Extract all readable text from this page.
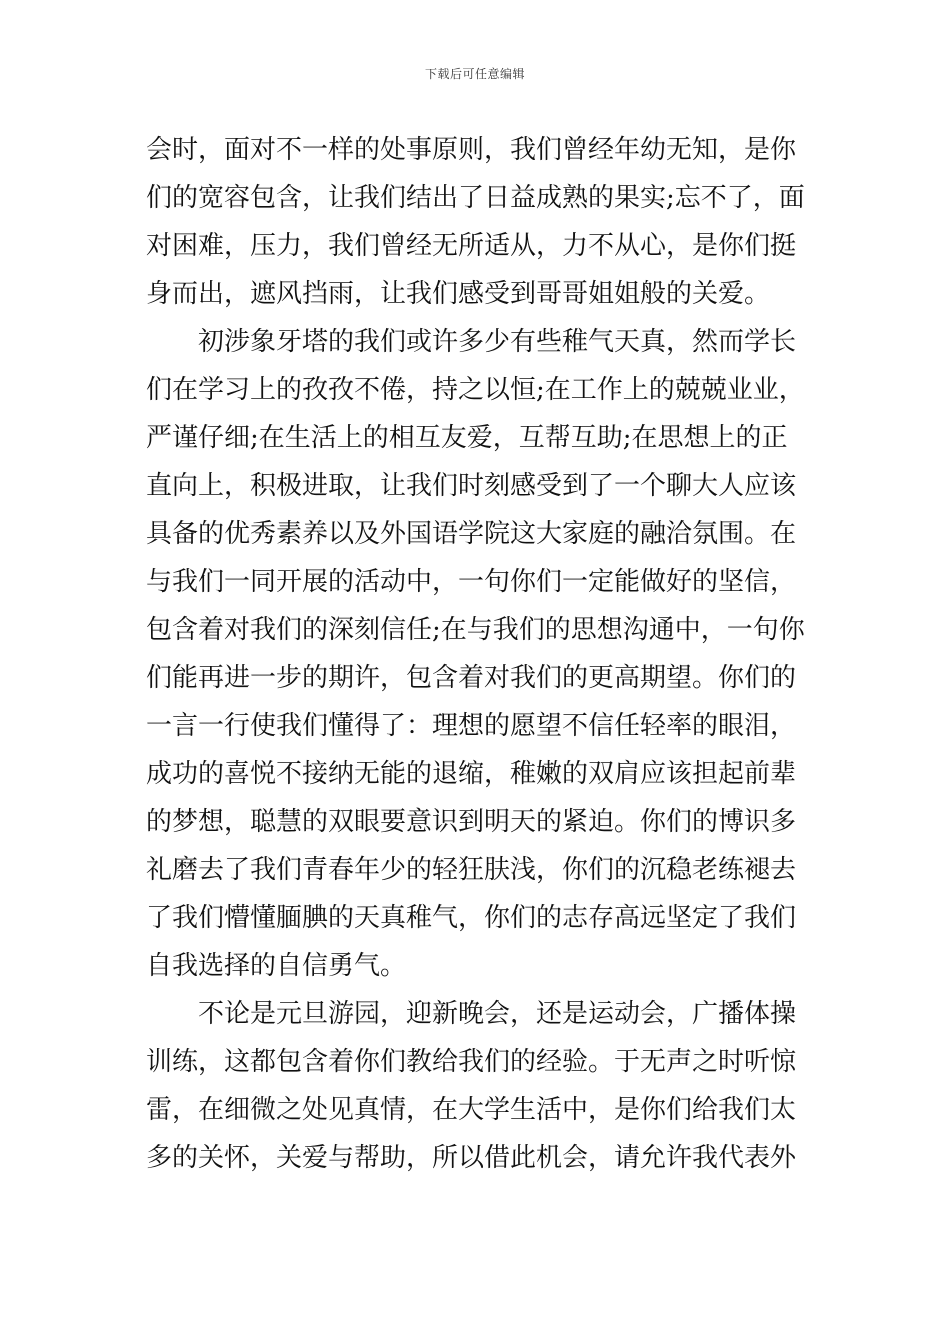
下载后可任意编辑
会时，面对不一样的处事原则，我们曾经年幼无知，是你
们的宽容包含，让我们结出了日益成熟的果实;忘不了，面
对困难，压力，我们曾经无所适从，力不从心，是你们挺
身而出，遮风挡雨，让我们感受到哥哥姐姐般的关爱。
初涉象牙塔的我们或许多少有些稚气天真，然而学长
们在学习上的孜孜不倦，持之以恒;在工作上的兢兢业业，
严谨仔细;在生活上的相互友爱，互帮互助;在思想上的正
直向上，积极进取，让我们时刻感受到了一个聊大人应该
具备的优秀素养以及外国语学院这大家庭的融洽氛围。在
与我们一同开展的活动中，一句你们一定能做好的坚信，
包含着对我们的深刻信任;在与我们的思想沟通中，一句你
们能再进一步的期许，包含着对我们的更高期望。你们的
一言一行使我们懂得了：理想的愿望不信任轻率的眼泪，
成功的喜悦不接纳无能的退缩，稚嫩的双肩应该担起前辈
的梦想，聪慧的双眼要意识到明天的紧迫。你们的博识多
礼磨去了我们青春年少的轻狂肤浅，你们的沉稳老练褪去
了我们懵懂腼腆的天真稚气，你们的志存高远坚定了我们
自我选择的自信勇气。
不论是元旦游园，迎新晚会，还是运动会，广播体操
训练，这都包含着你们教给我们的经验。于无声之时听惊
雷，在细微之处见真情，在大学生活中，是你们给我们太
多的关怀，关爱与帮助，所以借此机会，请允许我代表外
